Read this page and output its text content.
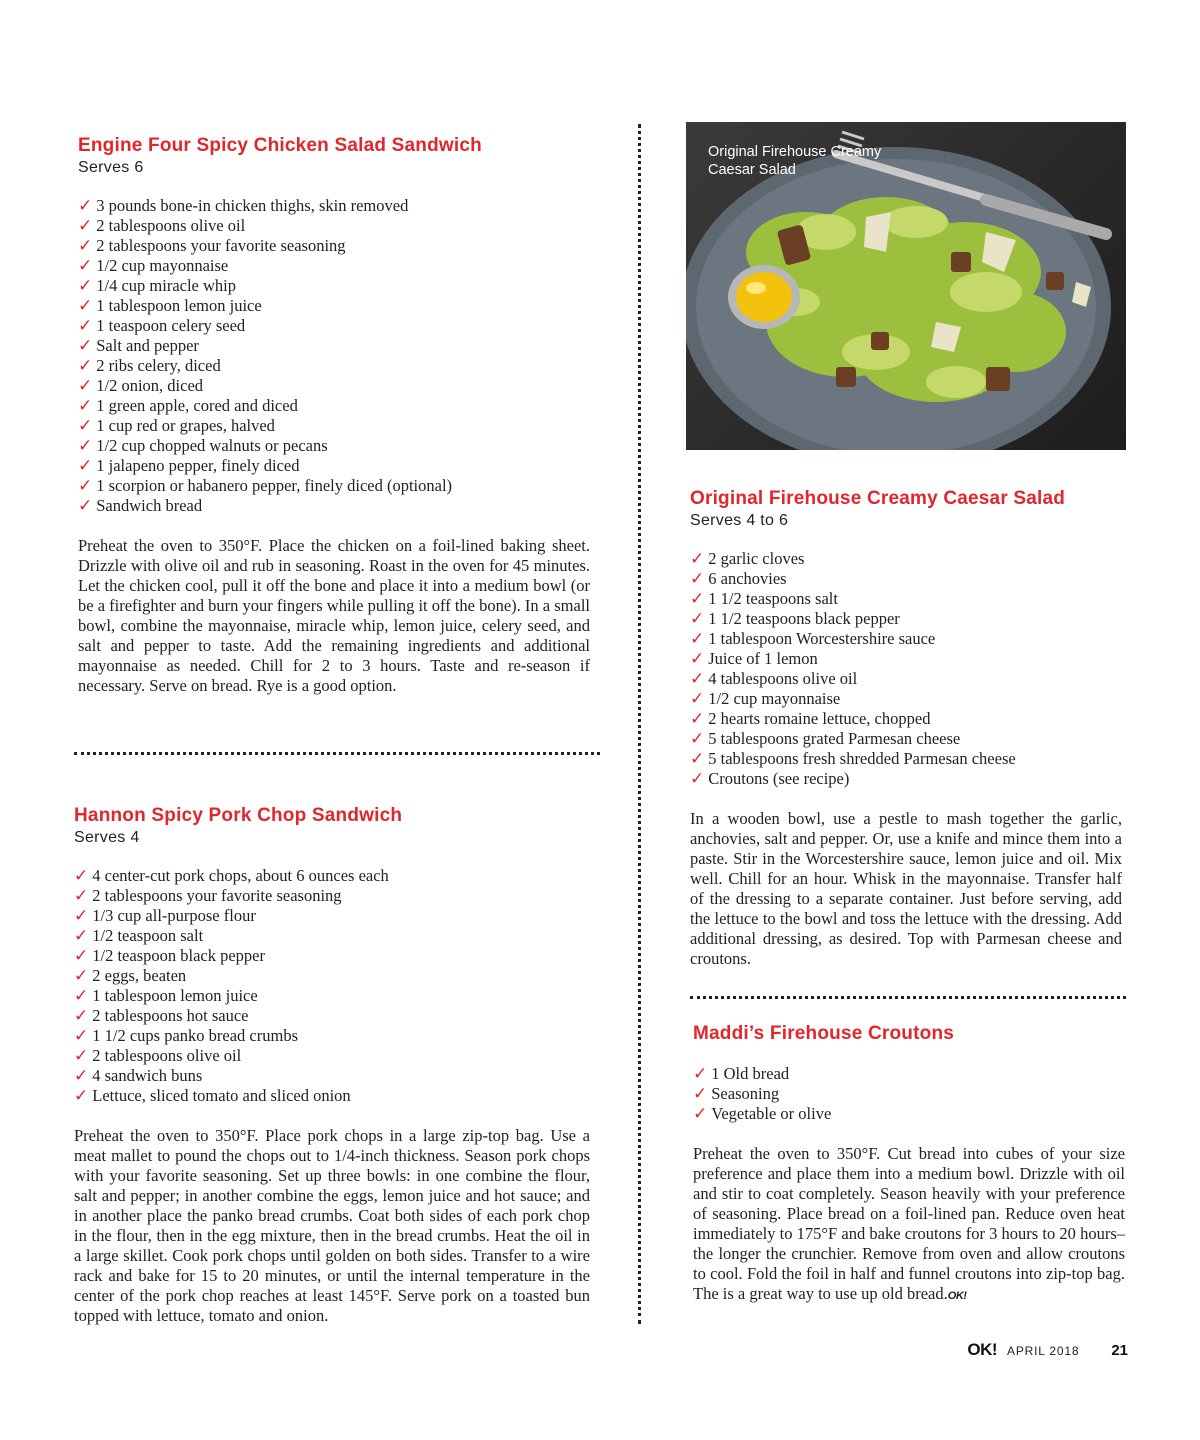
Engine Four Spicy Chicken Salad Sandwich
Serves 6
✓ 3 pounds bone-in chicken thighs, skin removed
✓ 2 tablespoons olive oil
✓ 2 tablespoons your favorite seasoning
✓ 1/2 cup mayonnaise
✓ 1/4 cup miracle whip
✓ 1 tablespoon lemon juice
✓ 1 teaspoon celery seed
✓ Salt and pepper
✓ 2 ribs celery, diced
✓ 1/2 onion, diced
✓ 1 green apple, cored and diced
✓ 1 cup red or grapes, halved
✓ 1/2 cup chopped walnuts or pecans
✓ 1 jalapeno pepper, finely diced
✓ 1 scorpion or habanero pepper, finely diced (optional)
✓ Sandwich bread

Preheat the oven to 350°F. Place the chicken on a foil-lined baking sheet. Drizzle with olive oil and rub in seasoning. Roast in the oven for 45 minutes. Let the chicken cool, pull it off the bone and place it into a medium bowl (or be a firefighter and burn your fingers while pulling it off the bone). In a small bowl, combine the mayonnaise, miracle whip, lemon juice, celery seed, and salt and pepper to taste. Add the remaining ingredients and additional mayonnaise as needed. Chill for 2 to 3 hours. Taste and re-season if necessary. Serve on bread. Rye is a good option.

Hannon Spicy Pork Chop Sandwich
Serves 4
✓ 4 center-cut pork chops, about 6 ounces each
✓ 2 tablespoons your favorite seasoning
✓ 1/3 cup all-purpose flour
✓ 1/2 teaspoon salt
✓ 1/2 teaspoon black pepper
✓ 2 eggs, beaten
✓ 1 tablespoon lemon juice
✓ 2 tablespoons hot sauce
✓ 1 1/2 cups panko bread crumbs
✓ 2 tablespoons olive oil
✓ 4 sandwich buns
✓ Lettuce, sliced tomato and sliced onion

Preheat the oven to 350°F. Place pork chops in a large zip-top bag. Use a meat mallet to pound the chops out to 1/4-inch thickness. Season pork chops with your favorite seasoning. Set up three bowls: in one combine the flour, salt and pepper; in another combine the eggs, lemon juice and hot sauce; and in another place the panko bread crumbs. Coat both sides of each pork chop in the flour, then in the egg mixture, then in the bread crumbs. Heat the oil in a large skillet. Cook pork chops until golden on both sides. Transfer to a wire rack and bake for 15 to 20 minutes, or until the internal temperature in the center of the pork chop reaches at least 145°F. Serve pork on a toasted bun topped with lettuce, tomato and onion.

Original Firehouse Creamy
Caesar Salad
Original Firehouse Creamy Caesar Salad
Serves 4 to 6
✓ 2 garlic cloves
✓ 6 anchovies
✓ 1 1/2 teaspoons salt
✓ 1 1/2 teaspoons black pepper
✓ 1 tablespoon Worcestershire sauce
✓ Juice of 1 lemon
✓ 4 tablespoons olive oil
✓ 1/2 cup mayonnaise
✓ 2 hearts romaine lettuce, chopped
✓ 5 tablespoons grated Parmesan cheese
✓ 5 tablespoons fresh shredded Parmesan cheese
✓ Croutons (see recipe)

In a wooden bowl, use a pestle to mash together the garlic, anchovies, salt and pepper. Or, use a knife and mince them into a paste. Stir in the Worcestershire sauce, lemon juice and oil. Mix well. Chill for an hour. Whisk in the mayonnaise. Transfer half of the dressing to a separate container. Just before serving, add the lettuce to the bowl and toss the lettuce with the dressing. Add additional dressing, as desired. Top with Parmesan cheese and croutons.

Maddi’s Firehouse Croutons
✓ 1 Old bread
✓ Seasoning
✓ Vegetable or olive

Preheat the oven to 350°F. Cut bread into cubes of your size preference and place them into a medium bowl. Drizzle with oil and stir to coat completely. Season heavily with your preference of seasoning. Place bread on a foil-lined pan. Reduce oven heat immediately to 175°F and bake croutons for 3 hours to 20 hours–the longer the crunchier. Remove from oven and allow croutons to cool. Fold the foil in half and funnel croutons into zip-top bag. The is a great way to use up old bread.OK!

OK! APRIL 2018 21
